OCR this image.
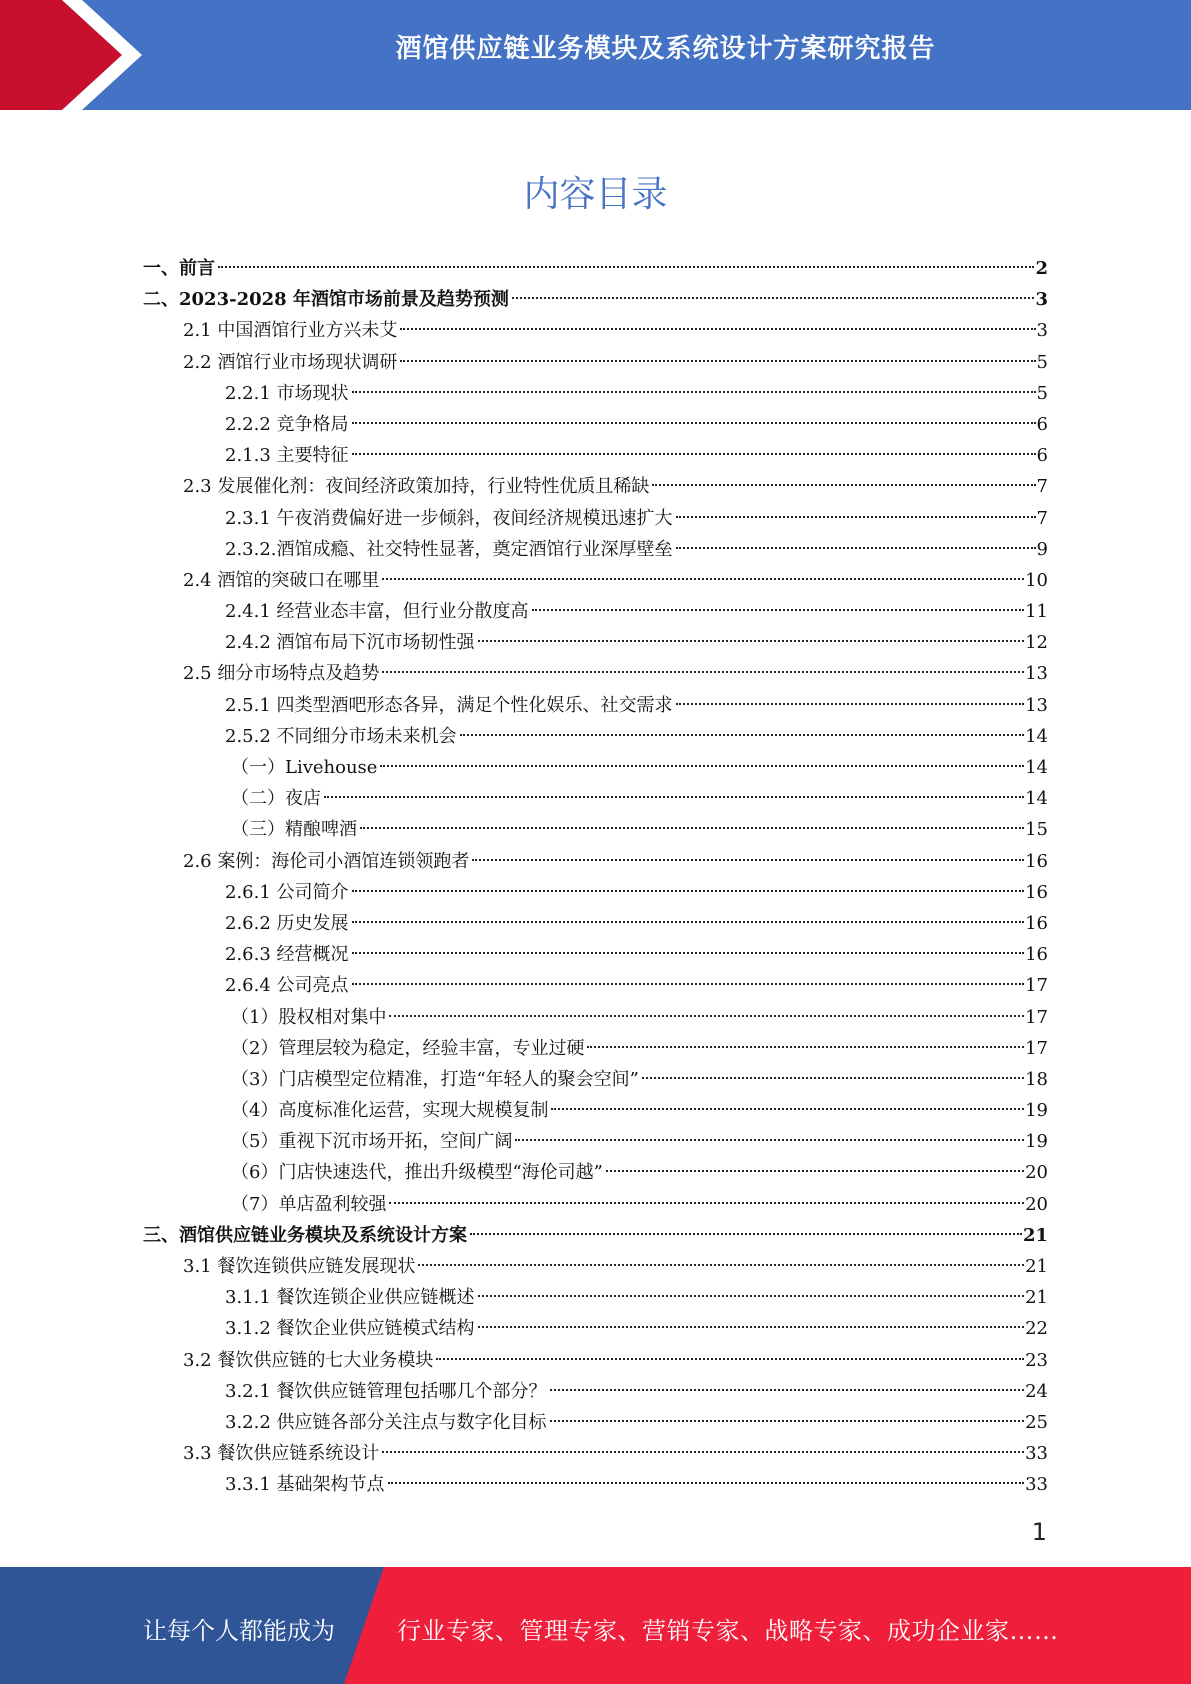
酒馆供应链业务模块及系统设计方案研究报告
内容目录
一、前言	2
二、2023-2028 年酒馆市场前景及趋势预测	3
2.1 中国酒馆行业方兴未艾	3
2.2 酒馆行业市场现状调研	5
2.2.1 市场现状	5
2.2.2 竞争格局	6
2.1.3 主要特征	6
2.3 发展催化剂：夜间经济政策加持，行业特性优质且稀缺	7
2.3.1 午夜消费偏好进一步倾斜，夜间经济规模迅速扩大	7
2.3.2.酒馆成瘾、社交特性显著，奠定酒馆行业深厚壁垒	9
2.4 酒馆的突破口在哪里	10
2.4.1 经营业态丰富，但行业分散度高	11
2.4.2 酒馆布局下沉市场韧性强	12
2.5 细分市场特点及趋势	13
2.5.1 四类型酒吧形态各异，满足个性化娱乐、社交需求	13
2.5.2 不同细分市场未来机会	14
（一）Livehouse	14
（二）夜店	14
（三）精酿啤酒	15
2.6 案例：海伦司小酒馆连锁领跑者	16
2.6.1 公司简介	16
2.6.2 历史发展	16
2.6.3 经营概况	16
2.6.4 公司亮点	17
（1）股权相对集中	17
（2）管理层较为稳定，经验丰富，专业过硬	17
（3）门店模型定位精准，打造“年轻人的聚会空间”	18
（4）高度标准化运营，实现大规模复制	19
（5）重视下沉市场开拓，空间广阔	19
（6）门店快速迭代，推出升级模型“海伦司越”	20
（7）单店盈利较强	20
三、酒馆供应链业务模块及系统设计方案	21
3.1 餐饮连锁供应链发展现状	21
3.1.1 餐饮连锁企业供应链概述	21
3.1.2 餐饮企业供应链模式结构	22
3.2 餐饮供应链的七大业务模块	23
3.2.1 餐饮供应链管理包括哪几个部分？	24
3.2.2 供应链各部分关注点与数字化目标	25
3.3 餐饮供应链系统设计	33
3.3.1 基础架构节点	33
1
让每个人都能成为	行业专家、管理专家、营销专家、战略专家、成功企业家……
